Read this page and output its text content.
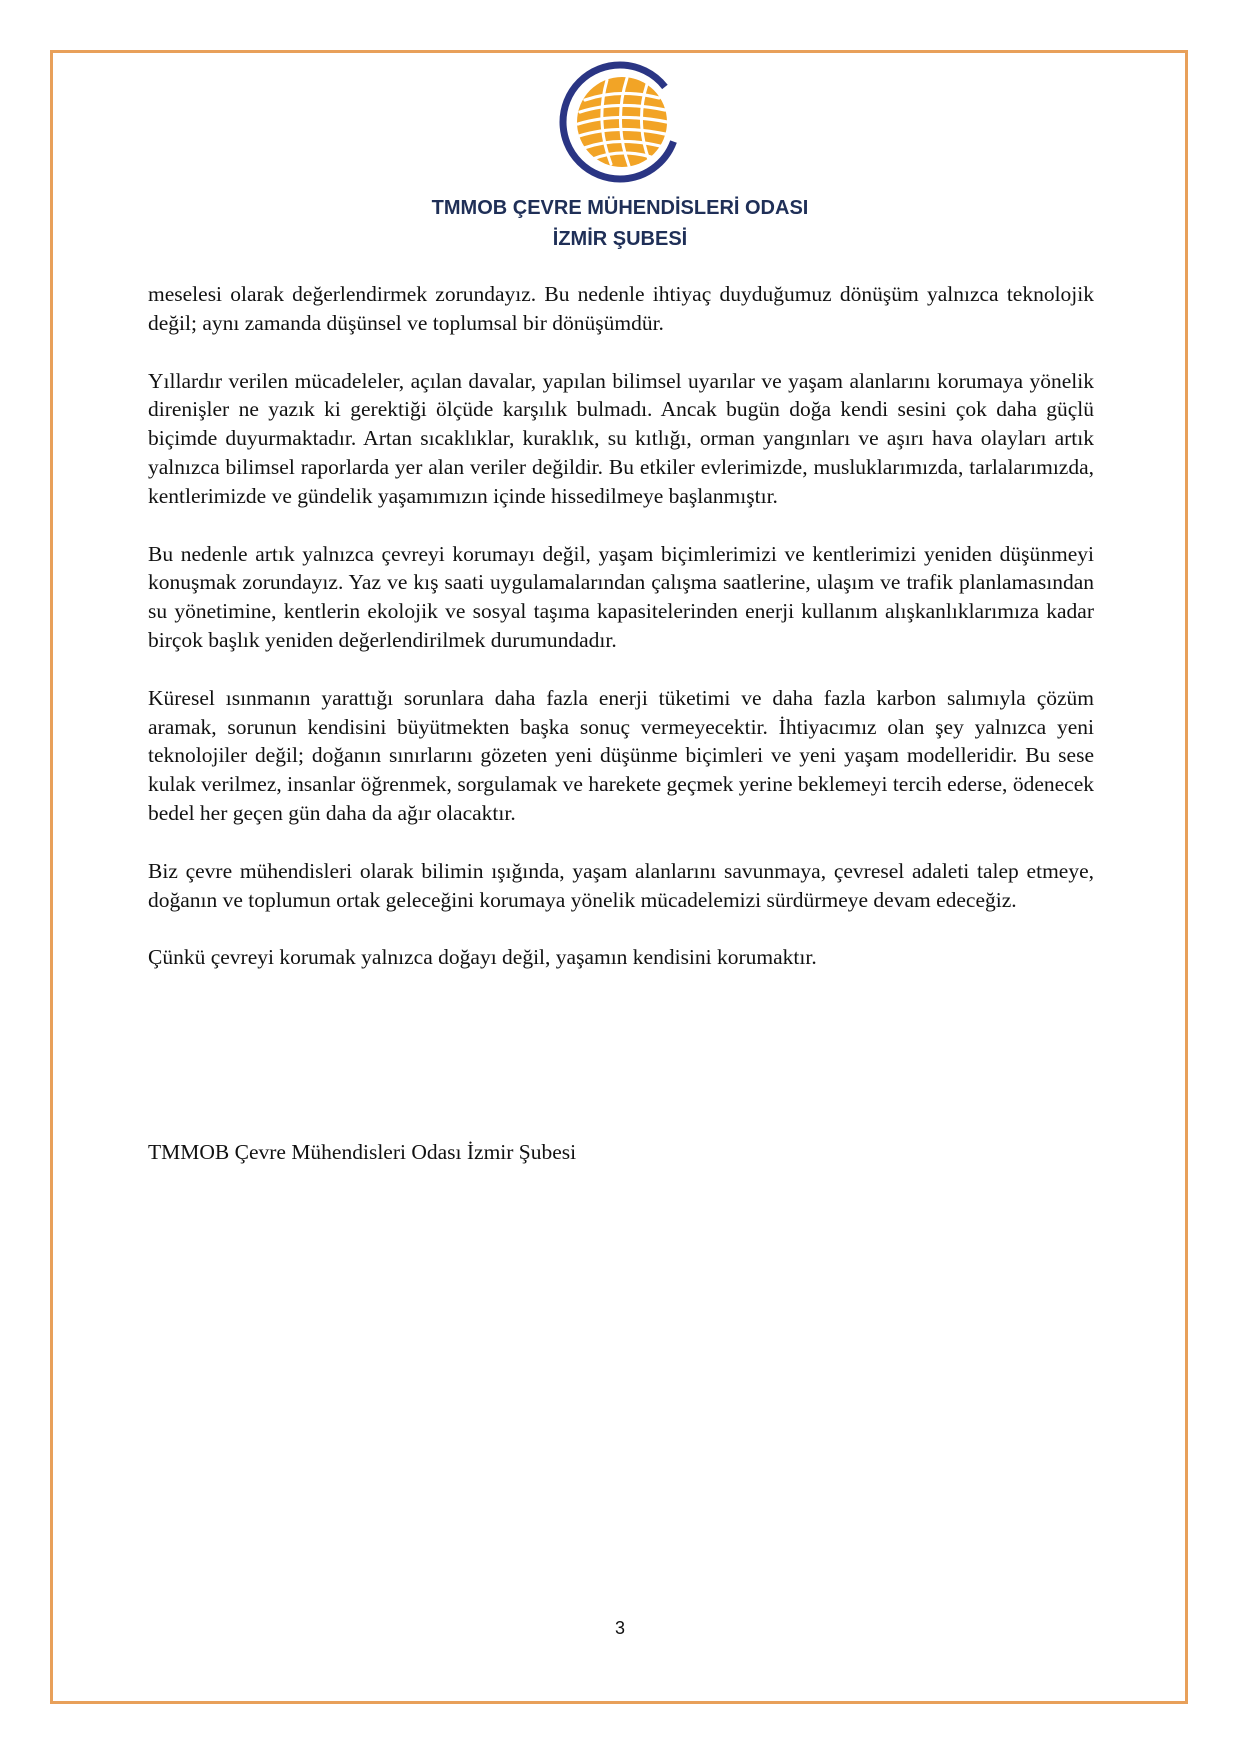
TMMOB ÇEVRE MÜHENDİSLERİ ODASI
İZMİR ŞUBESİ

meselesi olarak değerlendirmek zorundayız. Bu nedenle ihtiyaç duyduğumuz dönüşüm yalnızca teknolojik değil; aynı zamanda düşünsel ve toplumsal bir dönüşümdür.

Yıllardır verilen mücadeleler, açılan davalar, yapılan bilimsel uyarılar ve yaşam alanlarını korumaya yönelik direnişler ne yazık ki gerektiği ölçüde karşılık bulmadı. Ancak bugün doğa kendi sesini çok daha güçlü biçimde duyurmaktadır. Artan sıcaklıklar, kuraklık, su kıtlığı, orman yangınları ve aşırı hava olayları artık yalnızca bilimsel raporlarda yer alan veriler değildir. Bu etkiler evlerimizde, musluklarımızda, tarlalarımızda, kentlerimizde ve gündelik yaşamımızın içinde hissedilmeye başlanmıştır.

Bu nedenle artık yalnızca çevreyi korumayı değil, yaşam biçimlerimizi ve kentlerimizi yeniden düşünmeyi konuşmak zorundayız. Yaz ve kış saati uygulamalarından çalışma saatlerine, ulaşım ve trafik planlamasından su yönetimine, kentlerin ekolojik ve sosyal taşıma kapasitelerinden enerji kullanım alışkanlıklarımıza kadar birçok başlık yeniden değerlendirilmek durumundadır.

Küresel ısınmanın yarattığı sorunlara daha fazla enerji tüketimi ve daha fazla karbon salımıyla çözüm aramak, sorunun kendisini büyütmekten başka sonuç vermeyecektir. İhtiyacımız olan şey yalnızca yeni teknolojiler değil; doğanın sınırlarını gözeten yeni düşünme biçimleri ve yeni yaşam modelleridir. Bu sese kulak verilmez, insanlar öğrenmek, sorgulamak ve harekete geçmek yerine beklemeyi tercih ederse, ödenecek bedel her geçen gün daha da ağır olacaktır.

Biz çevre mühendisleri olarak bilimin ışığında, yaşam alanlarını savunmaya, çevresel adaleti talep etmeye, doğanın ve toplumun ortak geleceğini korumaya yönelik mücadelemizi sürdürmeye devam edeceğiz.

Çünkü çevreyi korumak yalnızca doğayı değil, yaşamın kendisini korumaktır.

TMMOB Çevre Mühendisleri Odası İzmir Şubesi
3
